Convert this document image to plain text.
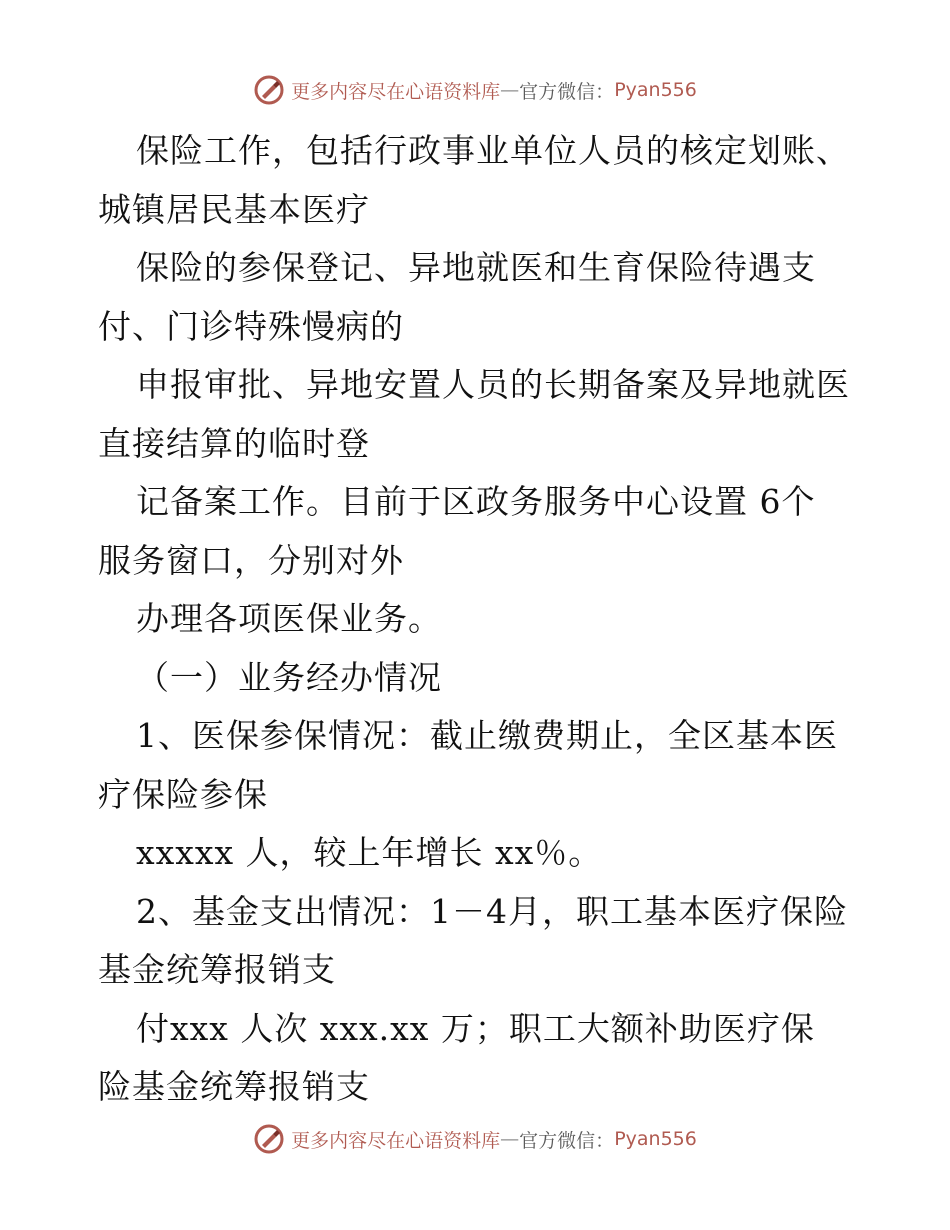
更多内容尽在心语资料库 — 官方微信： Pyan556
保险工作，包括行政事业单位人员的核定划账、
城镇居民基本医疗
保险的参保登记、异地就医和生育保险待遇支
付、门诊特殊慢病的
申报审批、异地安置人员的长期备案及异地就医
直接结算的临时登
记备案工作。目前于区政务服务中心设置 6个
服务窗口，分别对外
办理各项医保业务。
（一）业务经办情况
1、医保参保情况：截止缴费期止，全区基本医
疗保险参保
xxxxx 人，较上年增长 xx％。
2、基金支出情况：1－4月，职工基本医疗保险
基金统筹报销支
付xxx 人次 xxx.xx 万；职工大额补助医疗保
险基金统筹报销支
更多内容尽在心语资料库 — 官方微信： Pyan556
